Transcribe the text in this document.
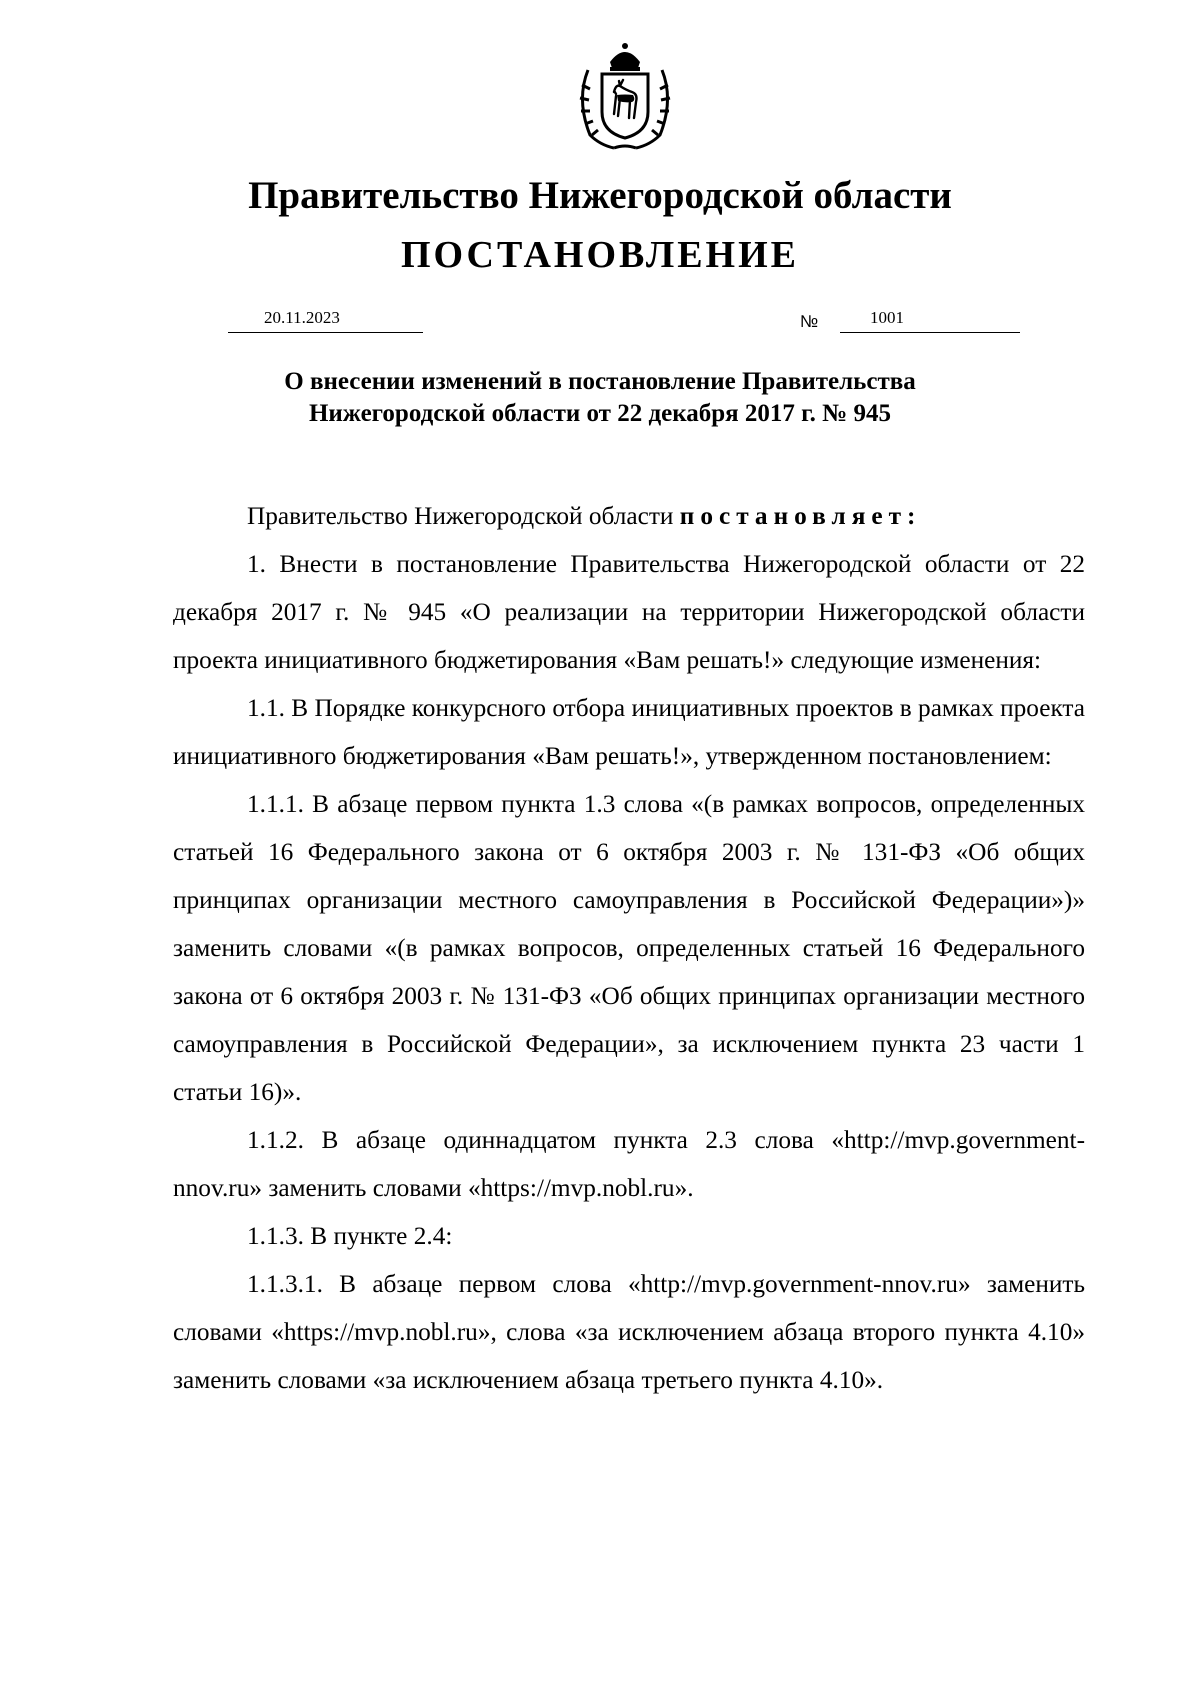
Правительство Нижегородской области
ПОСТАНОВЛЕНИЕ
20.11.2023	№	1001
О внесении изменений в постановление Правительства
Нижегородской области от 22 декабря 2017 г. № 945

Правительство Нижегородской области постановляет:

1. Внести в постановление Правительства Нижегородской области от 22 декабря 2017 г. № 945 «О реализации на территории Нижегородской области проекта инициативного бюджетирования «Вам решать!» следующие изменения:

1.1. В Порядке конкурсного отбора инициативных проектов в рамках проекта инициативного бюджетирования «Вам решать!», утвержденном постановлением:

1.1.1. В абзаце первом пункта 1.3 слова «(в рамках вопросов, определенных статьей 16 Федерального закона от 6 октября 2003 г. № 131-ФЗ «Об общих принципах организации местного самоуправления в Российской Федерации»)» заменить словами «(в рамках вопросов, определенных статьей 16 Федерального закона от 6 октября 2003 г. № 131-ФЗ «Об общих принципах организации местного самоуправления в Российской Федерации», за исключением пункта 23 части 1 статьи 16)».

1.1.2. В абзаце одиннадцатом пункта 2.3 слова «http://mvp.government-nnov.ru» заменить словами «https://mvp.nobl.ru».

1.1.3. В пункте 2.4:

1.1.3.1. В абзаце первом слова «http://mvp.government-nnov.ru» заменить словами «https://mvp.nobl.ru», слова «за исключением абзаца второго пункта 4.10» заменить словами «за исключением абзаца третьего пункта 4.10».
